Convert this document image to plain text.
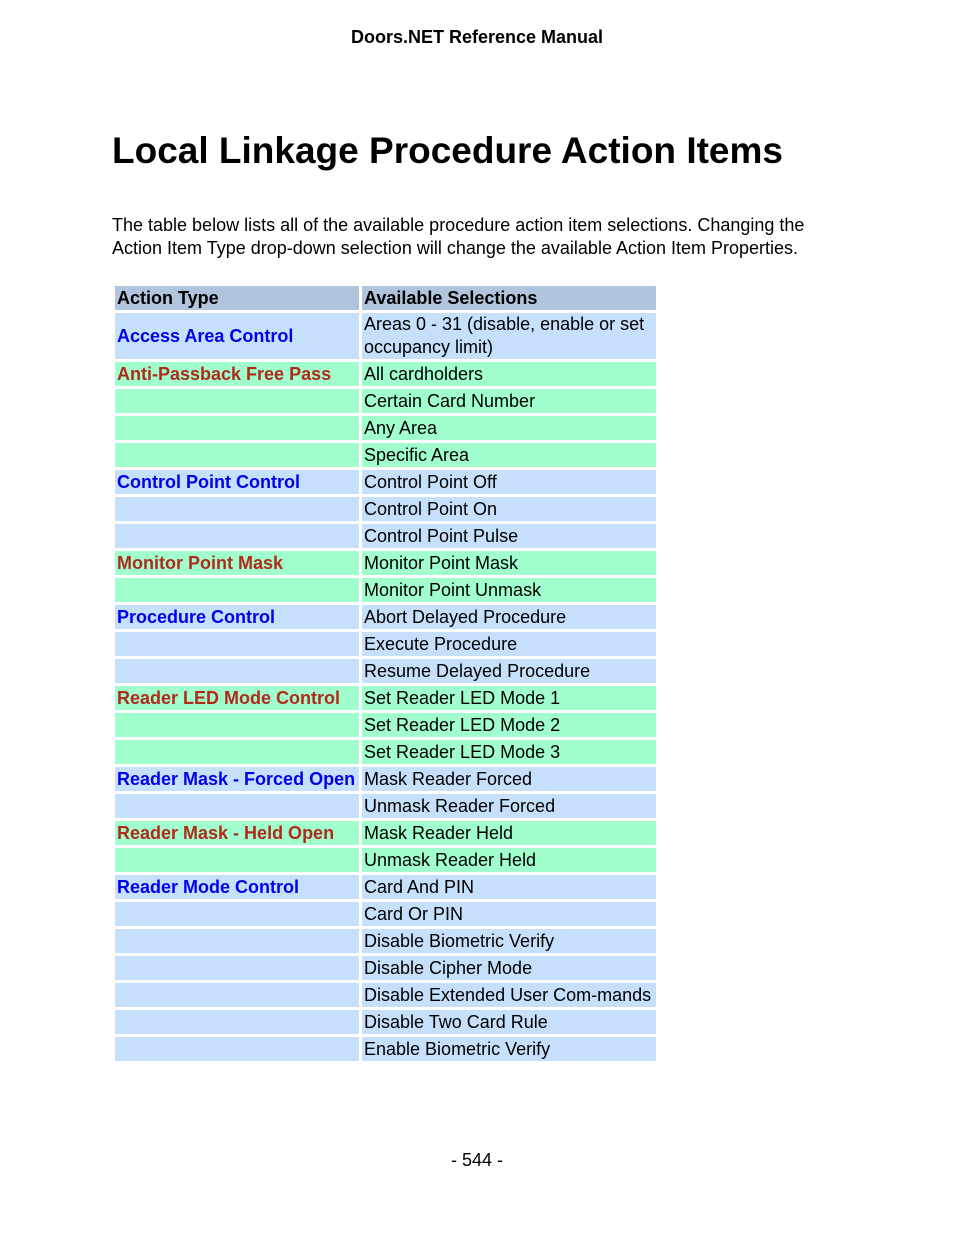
Doors.NET Reference Manual
Local Linkage Procedure Action Items

The table below lists all of the available procedure action item selections. Changing the Action Item Type drop-down selection will change the available Action Item Properties.

Action Type	Available Selections
Access Area Control	Areas 0 - 31 (disable, enable or set occupancy limit)
Anti-Passback Free Pass	All cardholders
	Certain Card Number
	Any Area
	Specific Area
Control Point Control	Control Point Off
	Control Point On
	Control Point Pulse
Monitor Point Mask	Monitor Point Mask
	Monitor Point Unmask
Procedure Control	Abort Delayed Procedure
	Execute Procedure
	Resume Delayed Procedure
Reader LED Mode Control	Set Reader LED Mode 1
	Set Reader LED Mode 2
	Set Reader LED Mode 3
Reader Mask - Forced Open	Mask Reader Forced
	Unmask Reader Forced
Reader Mask - Held Open	Mask Reader Held
	Unmask Reader Held
Reader Mode Control	Card And PIN
	Card Or PIN
	Disable Biometric Verify
	Disable Cipher Mode
	Disable Extended User Com-mands
	Disable Two Card Rule
	Enable Biometric Verify
- 544 -
